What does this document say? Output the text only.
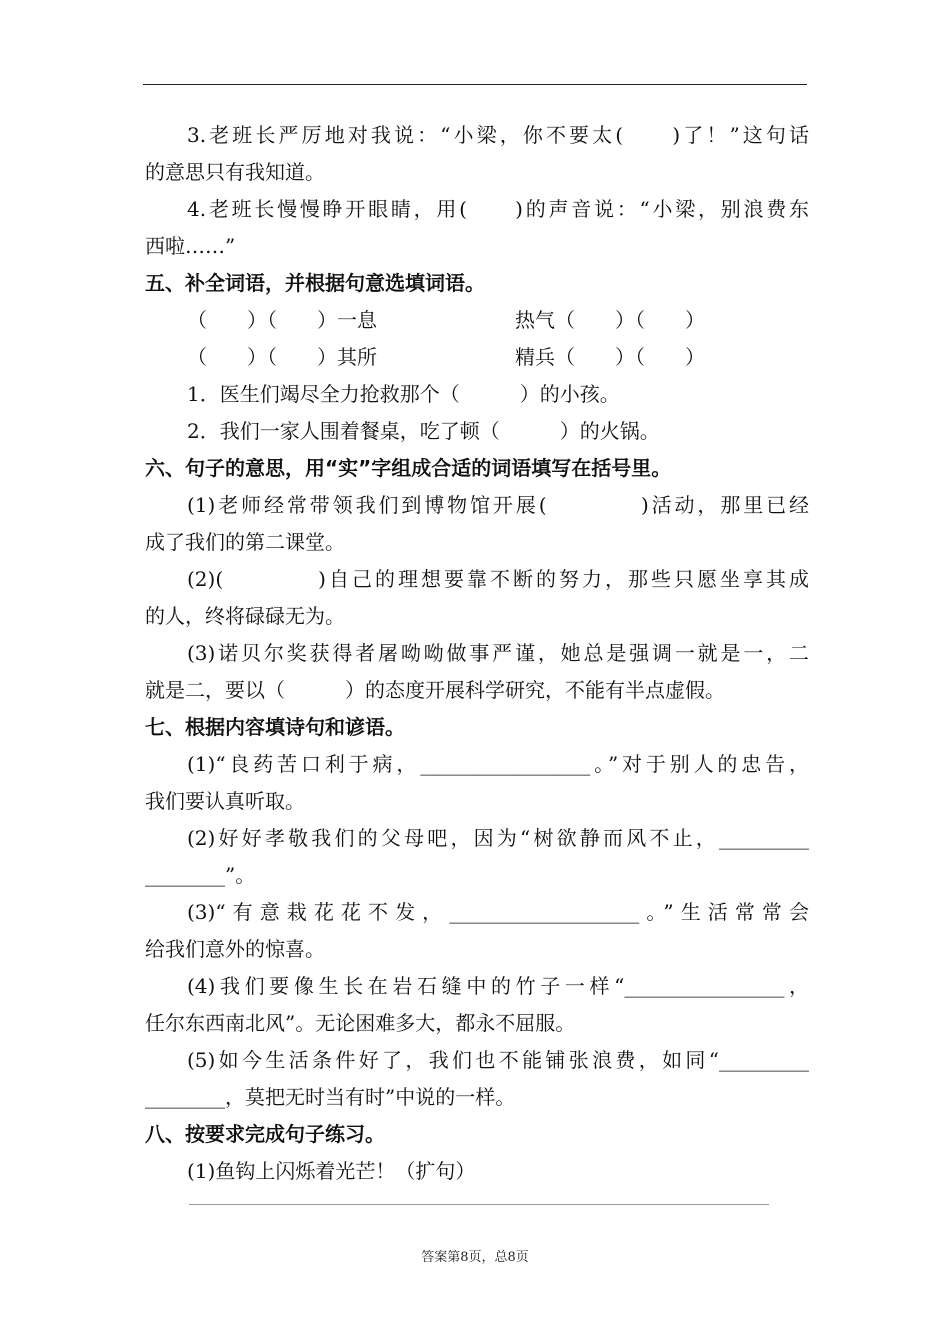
3.老班长严厉地对我说：“小梁，你不要太(　　)了！”这句话
的意思只有我知道。
4.老班长慢慢睁开眼睛，用(　　)的声音说：“小梁，别浪费东
西啦……”
五、补全词语，并根据句意选填词语。
（　　）（　　）一息	热气（　　）（　　）
（　　）（　　）其所	精兵（　　）（　　）
1．医生们竭尽全力抢救那个（　　　）的小孩。
2．我们一家人围着餐桌，吃了顿（　　　）的火锅。
六、句子的意思，用“实”字组成合适的词语填写在括号里。
(1)老师经常带领我们到博物馆开展(　　　　)活动，那里已经
成了我们的第二课堂。
(2)(　　　　)自己的理想要靠不断的努力，那些只愿坐享其成
的人，终将碌碌无为。
(3)诺贝尔奖获得者屠呦呦做事严谨，她总是强调一就是一，二
就是二，要以（　　　）的态度开展科学研究，不能有半点虚假。
七、根据内容填诗句和谚语。
(1)“良药苦口利于病，_________________。”对于别人的忠告，
我们要认真听取。
(2)好好孝敬我们的父母吧，因为“树欲静而风不止，_________
________”。
(3)“有意栽花花不发，___________________。”生活常常会
给我们意外的惊喜。
(4)我们要像生长在岩石缝中的竹子一样“________________，
任尔东西南北风”。无论困难多大，都永不屈服。
(5)如今生活条件好了，我们也不能铺张浪费，如同“_________
________，莫把无时当有时”中说的一样。
八、按要求完成句子练习。
(1)鱼钩上闪烁着光芒！（扩句）
答案第8页，总8页
